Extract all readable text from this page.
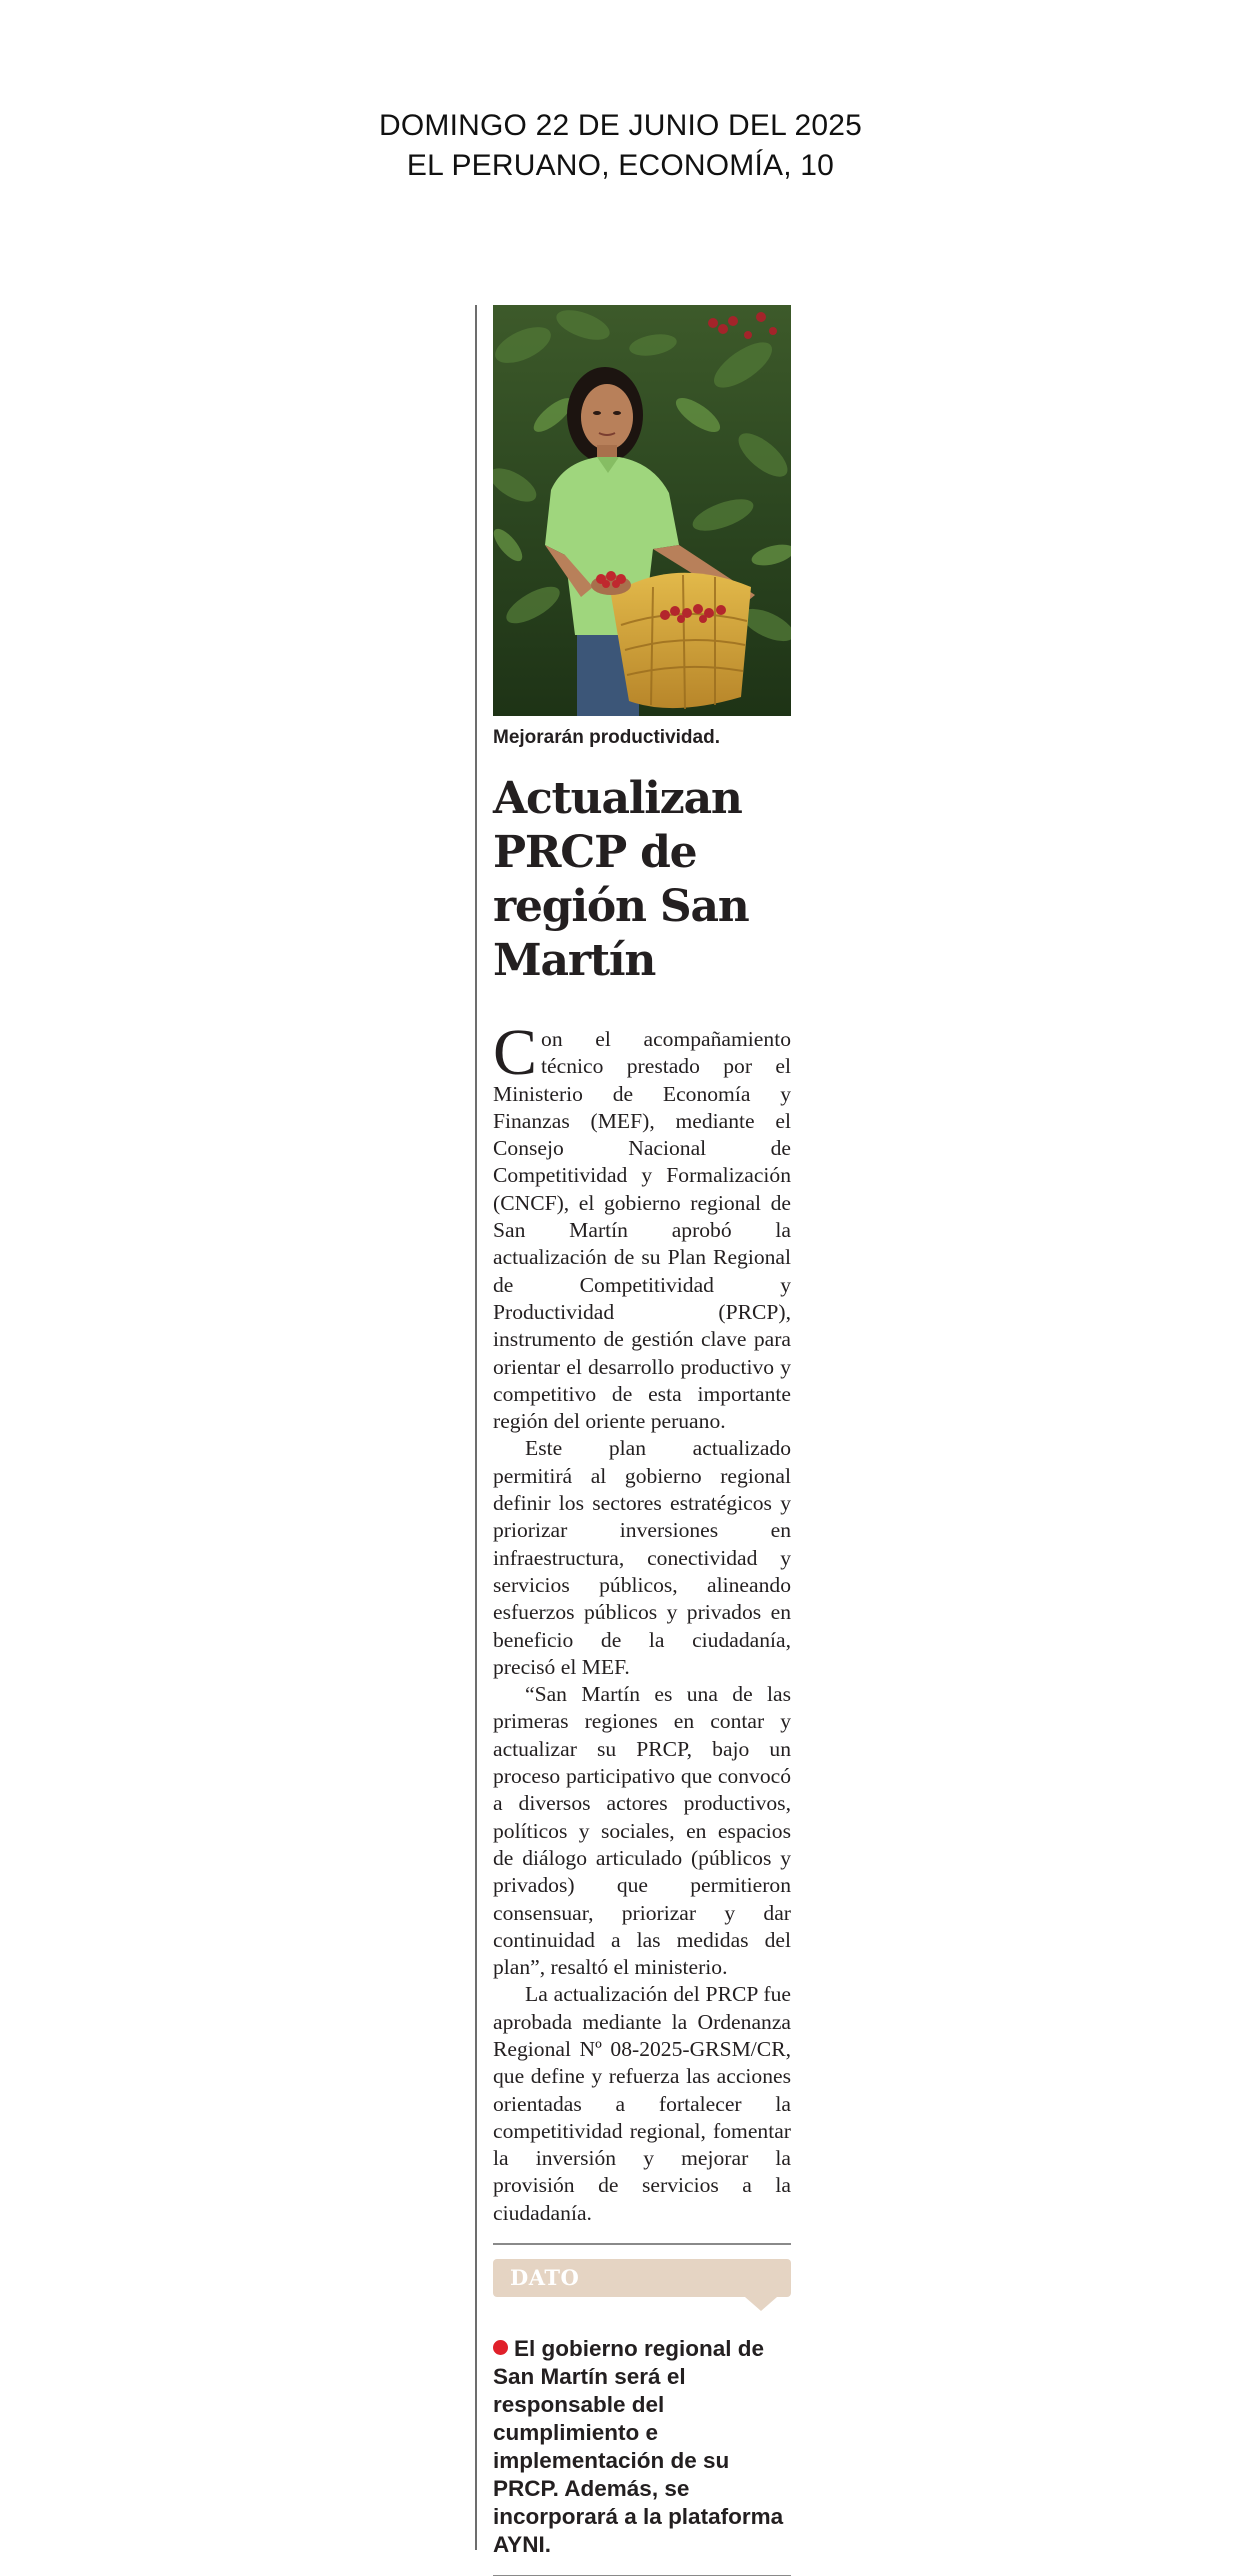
DOMINGO 22 DE JUNIO DEL 2025
EL PERUANO, ECONOMÍA, 10
Mejorarán productividad.
Actualizan PRCP de región San Martín

Con el acompañamiento técnico prestado por el Ministerio de Economía y Finanzas (MEF), mediante el Consejo Nacional de Competitividad y Formalización (CNCF), el gobierno regional de San Martín aprobó la actualización de su Plan Regional de Competitividad y Productividad (PRCP), instrumento de gestión clave para orientar el desarrollo productivo y competitivo de esta importante región del oriente peruano.

Este plan actualizado permitirá al gobierno regional definir los sectores estratégicos y priorizar inversiones en infraestructura, conectividad y servicios públicos, alineando esfuerzos públicos y privados en beneficio de la ciudadanía, precisó el MEF.

“San Martín es una de las primeras regiones en contar y actualizar su PRCP, bajo un proceso participativo que convocó a diversos actores productivos, políticos y sociales, en espacios de diálogo articulado (públicos y privados) que permitieron consensuar, priorizar y dar continuidad a las medidas del plan”, resaltó el ministerio.

La actualización del PRCP fue aprobada mediante la Ordenanza Regional Nº 08-2025-GRSM/CR, que define y refuerza las acciones orientadas a fortalecer la competitividad regional, fomentar la inversión y mejorar la provisión de servicios a la ciudadanía.

DATO
El gobierno regional de San Martín será el responsable del cumplimiento e implementación de su PRCP. Además, se incorporará a la plataforma AYNI.
